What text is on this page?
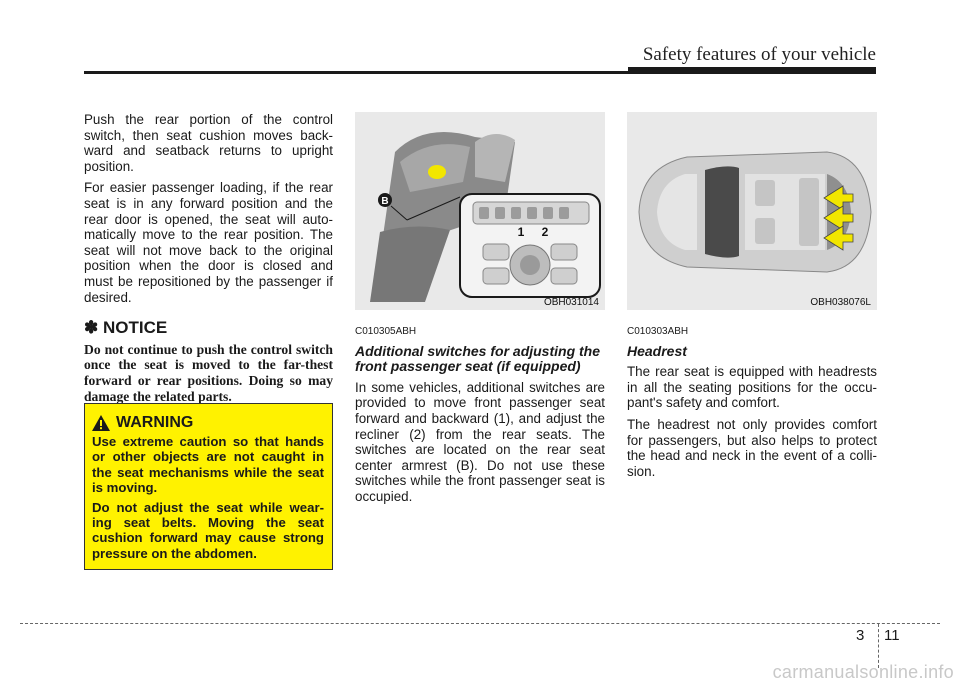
Safety features of your vehicle

Push the rear portion of the control switch, then seat cushion moves back-ward and seatback returns to upright position.

For easier passenger loading, if the rear seat is in any forward position and the rear door is opened, the seat will auto-matically move to the rear position. The seat will not move back to the original position when the door is closed and must be repositioned by the passenger if desired.

✽ NOTICE
Do not continue to push the control switch once the seat is moved to the far-thest forward or rear positions. Doing so may damage the related parts.
WARNING

Use extreme caution so that hands or other objects are not caught in the seat mechanisms while the seat is moving.

Do not adjust the seat while wear-ing seat belts. Moving the seat cushion forward may cause strong pressure on the abdomen.

B
1 2
OBH031014	OBH038076L
C010305ABH
Additional switches for adjusting the front passenger seat (if equipped)

In some vehicles, additional switches are provided to move front passenger seat forward and backward (1), and adjust the recliner (2) from the rear seats. The switches are located on the rear seat center armrest (B). Do not use these switches while the front passenger seat is occupied.

C010303ABH
Headrest

The rear seat is equipped with headrests in all the seating positions for the occu-pant's safety and comfort.

The headrest not only provides comfort for passengers, but also helps to protect the head and neck in the event of a colli-sion.

3 11
carmanualsonline.info
